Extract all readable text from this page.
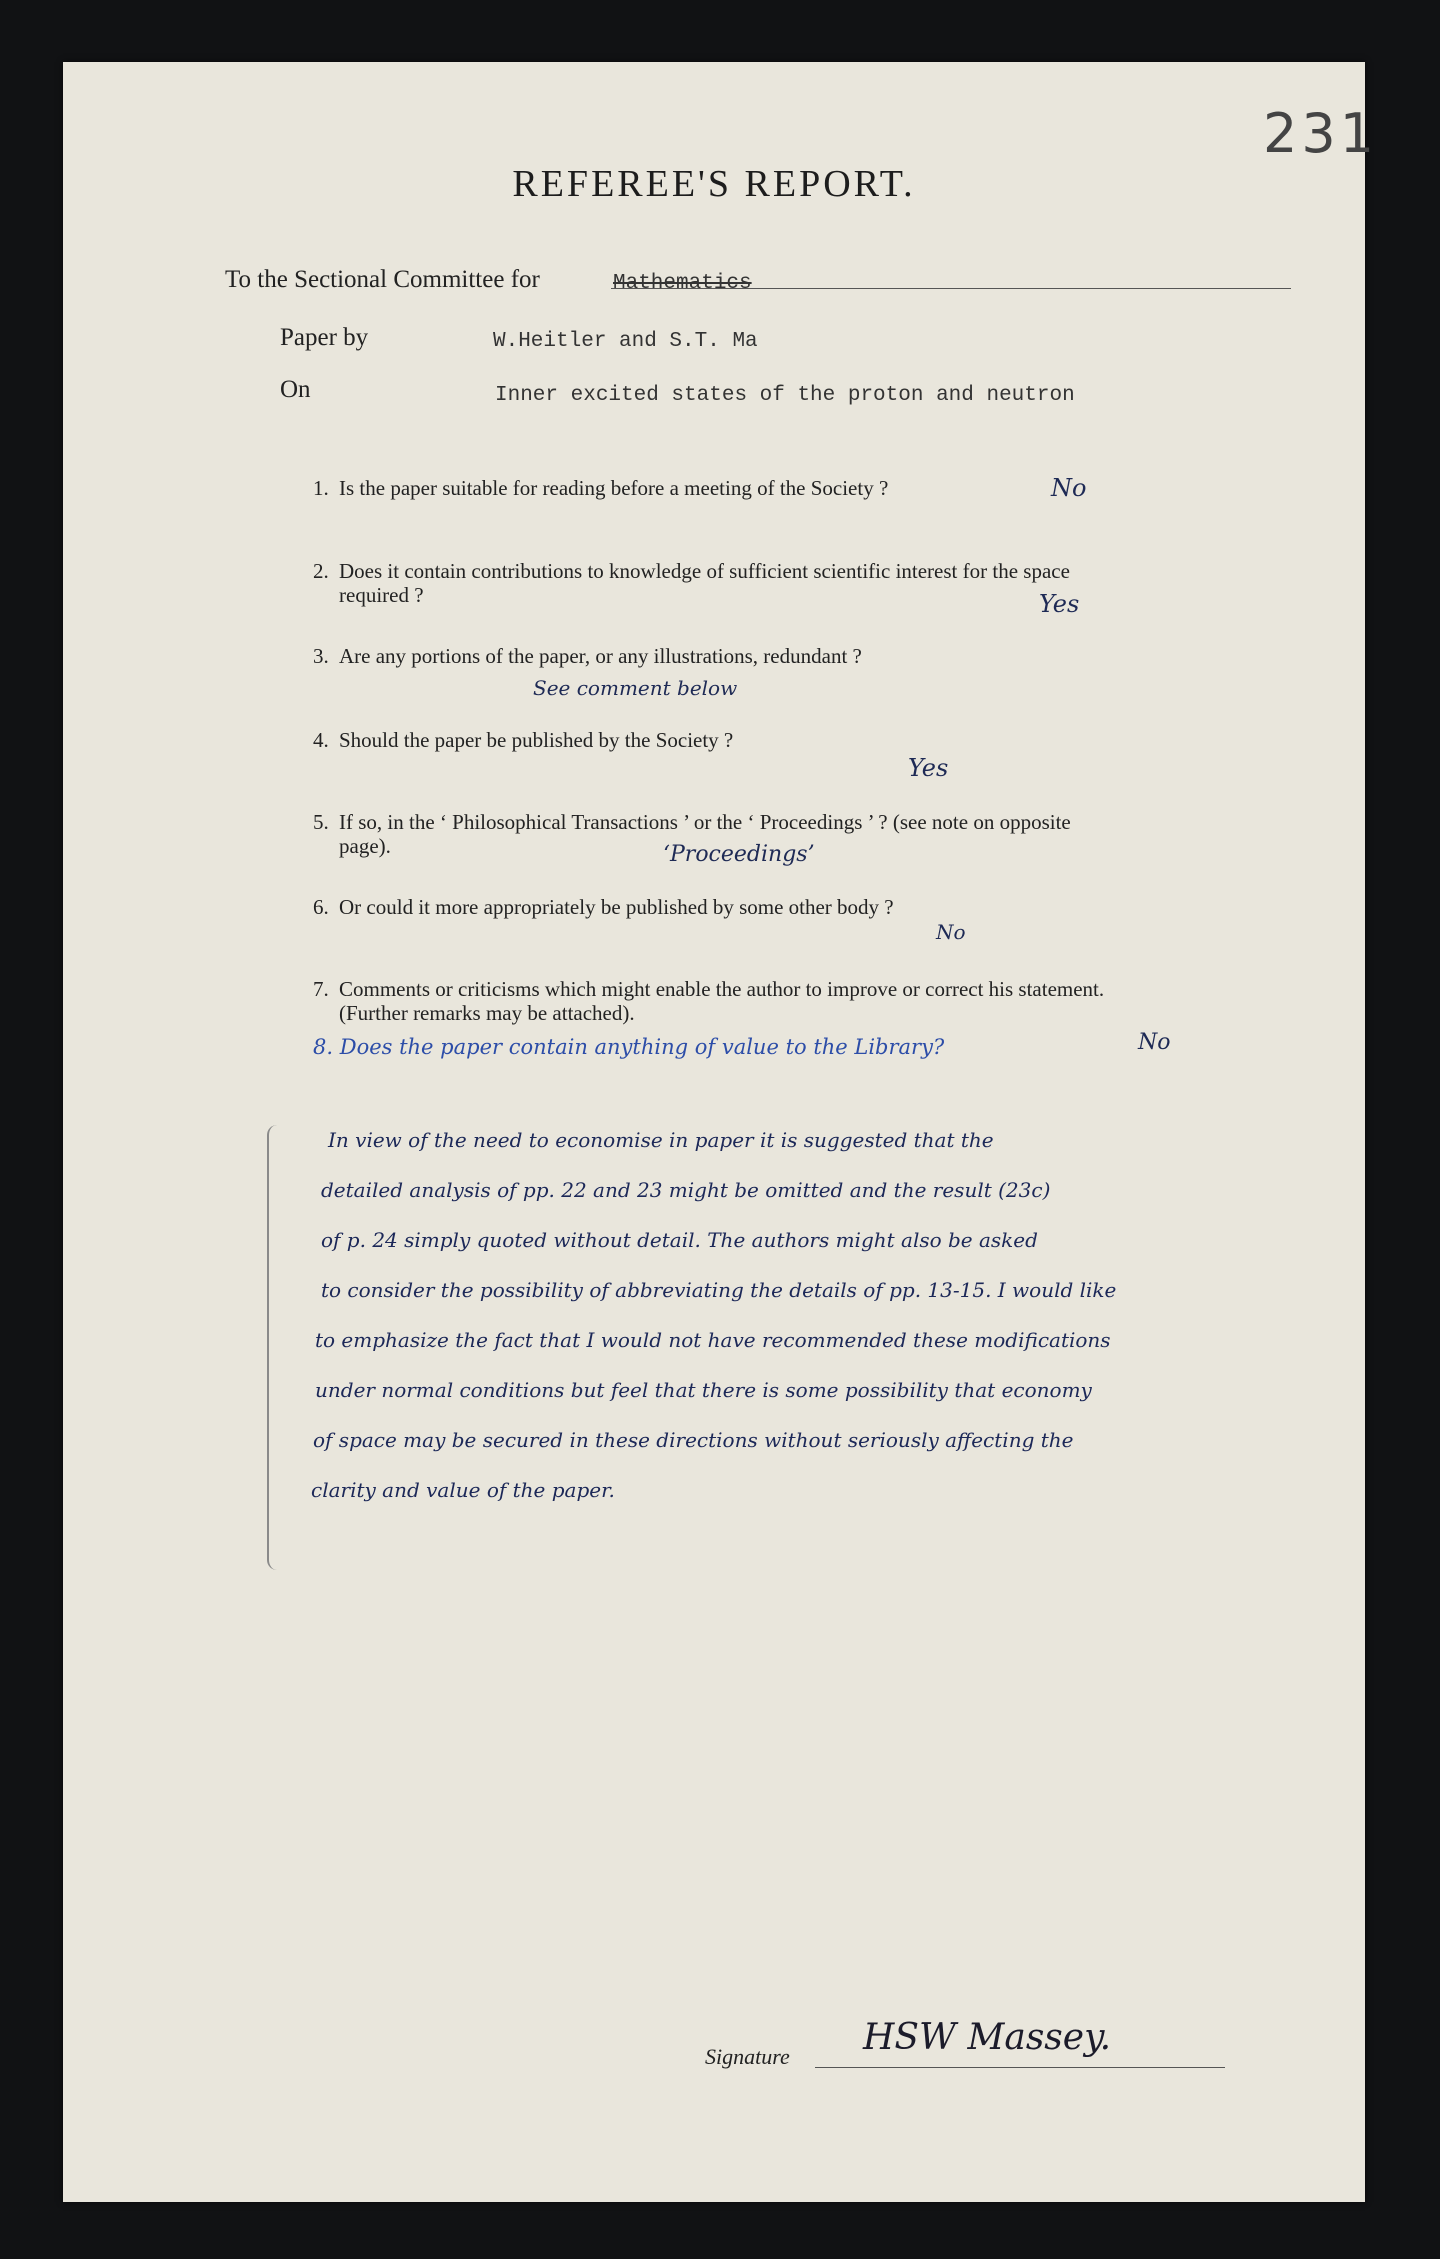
231
REFEREE'S REPORT.
To the Sectional Committee for	Mathematics
Paper by	W.Heitler and S.T. Ma
On	Inner excited states of the proton and neutron
1. Is the paper suitable for reading before a meeting of the Society ?	No
2. Does it contain contributions to knowledge of sufficient scientific interest for the space
required ?	Yes
3. Are any portions of the paper, or any illustrations, redundant ?
See comment below
4. Should the paper be published by the Society ?
Yes
5. If so, in the ‘ Philosophical Transactions ’ or the ‘ Proceedings ’ ? (see note on opposite
page).	‘Proceedings’
6. Or could it more appropriately be published by some other body ?
No
7. Comments or criticisms which might enable the author to improve or correct his statement.
(Further remarks may be attached).
8. Does the paper contain anything of value to the Library?	No
In view of the need to economise in paper it is suggested that the
detailed analysis of pp. 22 and 23 might be omitted and the result (23c)
of p. 24 simply quoted without detail. The authors might also be asked
to consider the possibility of abbreviating the details of pp. 13-15. I would like
to emphasize the fact that I would not have recommended these modifications
under normal conditions but feel that there is some possibility that economy
of space may be secured in these directions without seriously affecting the
clarity and value of the paper.
Signature HSW Massey.
